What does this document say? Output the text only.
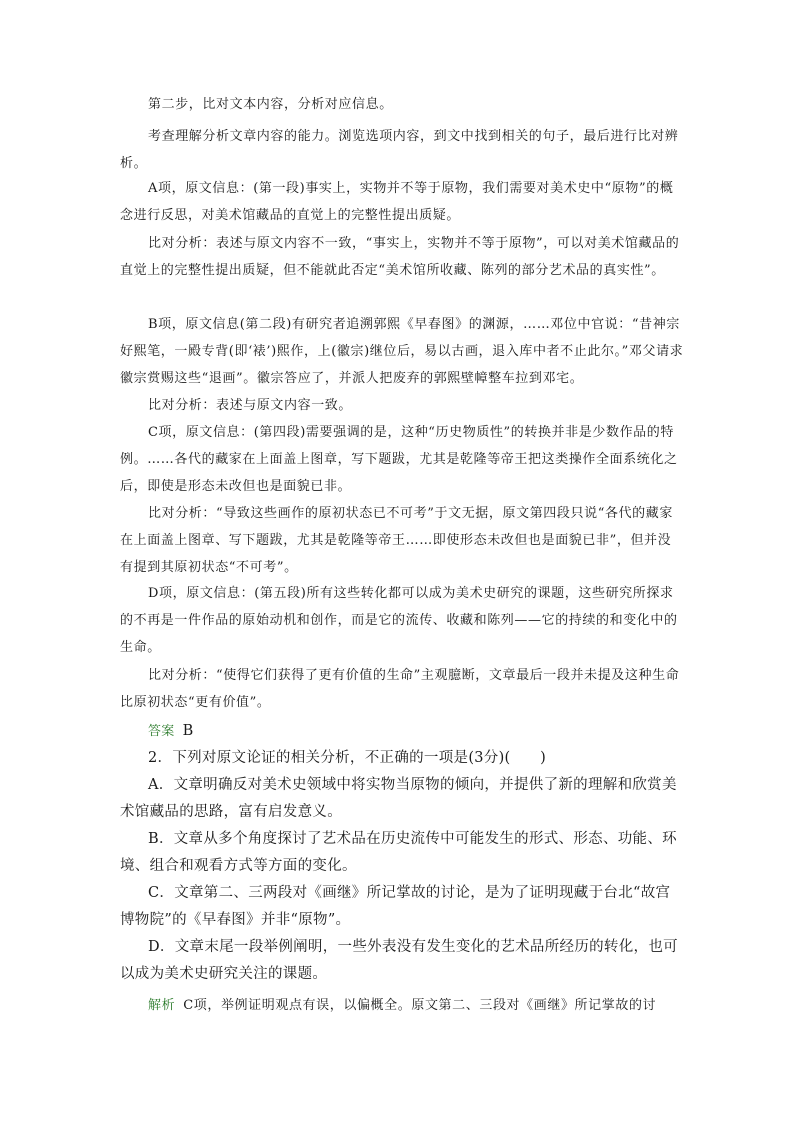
第二步，比对文本内容，分析对应信息。

考查理解分析文章内容的能力。浏览选项内容，到文中找到相关的句子，最后进行比对辨析。

A项，原文信息：(第一段)事实上，实物并不等于原物，我们需要对美术史中“原物”的概念进行反思，对美术馆藏品的直觉上的完整性提出质疑。

比对分析：表述与原文内容不一致，“事实上，实物并不等于原物”，可以对美术馆藏品的直觉上的完整性提出质疑，但不能就此否定“美术馆所收藏、陈列的部分艺术品的真实性”。

B项，原文信息(第二段)有研究者追溯郭熙《早春图》的渊源，……邓位中官说：“昔神宗好熙笔，一殿专背(即‘裱’)熙作，上(徽宗)继位后，易以古画，退入库中者不止此尔。”邓父请求徽宗赏赐这些“退画”。徽宗答应了，并派人把废弃的郭熙壁幛整车拉到邓宅。

比对分析：表述与原文内容一致。

C项，原文信息：(第四段)需要强调的是，这种“历史物质性”的转换并非是少数作品的特例。……各代的藏家在上面盖上图章，写下题跋，尤其是乾隆等帝王把这类操作全面系统化之后，即使是形态未改但也是面貌已非。

比对分析：“导致这些画作的原初状态已不可考”于文无据，原文第四段只说“各代的藏家在上面盖上图章、写下题跋，尤其是乾隆等帝王……即使形态未改但也是面貌已非”，但并没有提到其原初状态“不可考”。

D项，原文信息：(第五段)所有这些转化都可以成为美术史研究的课题，这些研究所探求的不再是一件作品的原始动机和创作，而是它的流传、收藏和陈列——它的持续的和变化中的生命。

比对分析：“使得它们获得了更有价值的生命”主观臆断，文章最后一段并未提及这种生命比原初状态“更有价值”。

答案 B

2．下列对原文论证的相关分析，不正确的一项是(3分)(　　)

A．文章明确反对美术史领域中将实物当原物的倾向，并提供了新的理解和欣赏美术馆藏品的思路，富有启发意义。

B．文章从多个角度探讨了艺术品在历史流传中可能发生的形式、形态、功能、环境、组合和观看方式等方面的变化。

C．文章第二、三两段对《画继》所记掌故的讨论，是为了证明现藏于台北“故宫博物院”的《早春图》并非“原物”。

D．文章末尾一段举例阐明，一些外表没有发生变化的艺术品所经历的转化，也可以成为美术史研究关注的课题。

解析 C项，举例证明观点有误，以偏概全。原文第二、三段对《画继》所记掌故的讨
